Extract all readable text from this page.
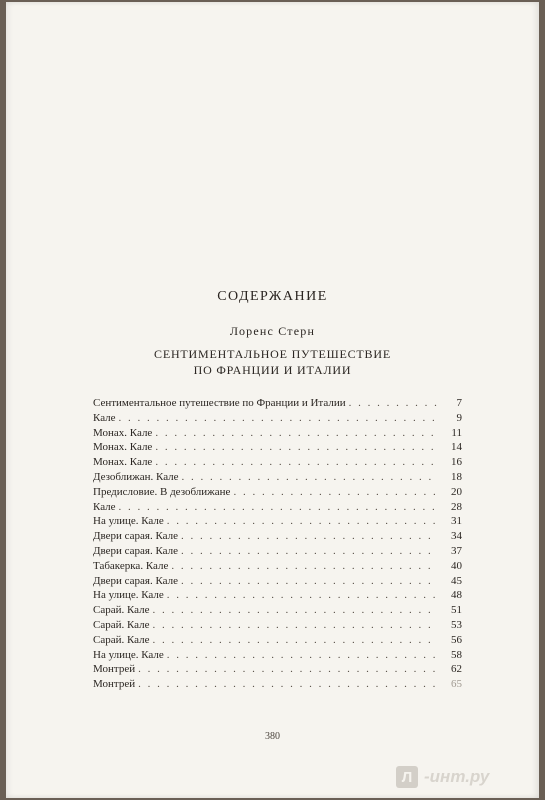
СОДЕРЖАНИЕ
Лоренс Стерн
СЕНТИМЕНТАЛЬНОЕ ПУТЕШЕСТВИЕ
ПО ФРАНЦИИ И ИТАЛИИ
Сентиментальное путешествие по Франции и Италии . . .	7
Кале . . .	9
Монах. Кале . . .	11
Монах. Кале . . .	14
Монах. Кале . . .	16
Дезоближан. Кале . . .	18
Предисловие. В дезоближане . . .	20
Кале . . .	28
На улице. Кале . . .	31
Двери сарая. Кале . . .	34
Двери сарая. Кале . . .	37
Табакерка. Кале . . .	40
Двери сарая. Кале . . .	45
На улице. Кале . . .	48
Сарай. Кале . . .	51
Сарай. Кале . . .	53
Сарай. Кале . . .	56
На улице. Кале . . .	58
Монтрей . . .	62
Монтрей . . .	65
380
Л -инт.ру
